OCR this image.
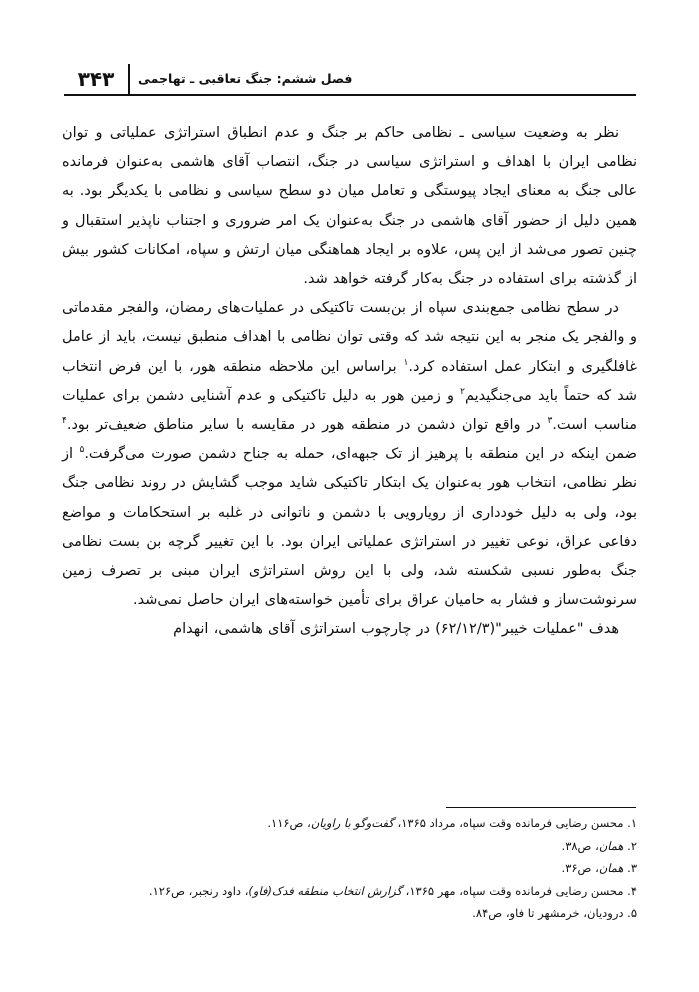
۳۴۳	فصل ششم: جنگ تعاقبی ـ تهاجمی

نظر به وضعیت سیاسی ـ نظامی حاکم بر جنگ و عدم انطباق استراتژی عملیاتی و توان نظامی ایران با اهداف و استراتژی سیاسی در جنگ، انتصاب آقای هاشمی به‌عنوان فرمانده عالی جنگ به معنای ایجاد پیوستگی و تعامل میان دو سطح سیاسی و نظامی با یکدیگر بود. به همین دلیل از حضور آقای هاشمی در جنگ به‌عنوان یک امر ضروری و اجتناب ناپذیر استقبال و چنین تصور می‌شد از این پس، علاوه بر ایجاد هماهنگی میان ارتش و سپاه، امکانات کشور بیش از گذشته برای استفاده در جنگ به‌کار گرفته خواهد شد.

در سطح نظامی جمع‌بندی سپاه از بن‌بست تاکتیکی در عملیات‌های رمضان، والفجر مقدماتی و والفجر یک منجر به این نتیجه شد که وقتی توان نظامی با اهداف منطبق نیست، باید از عامل غافلگیری و ابتکار عمل استفاده کرد.$^۱$ براساس این ملاحظه منطقه هور، با این فرض انتخاب شد که حتماً باید می‌جنگیدیم$^۲$ و زمین هور به دلیل تاکتیکی و عدم آشنایی دشمن برای عملیات مناسب است.$^۳$ در واقع توان دشمن در منطقه هور در مقایسه با سایر مناطق ضعیف‌تر بود.$^۴$ ضمن اینکه در این منطقه با پرهیز از تک جبهه‌ای، حمله به جناح دشمن صورت می‌گرفت.$^۵$ از نظر نظامی، انتخاب هور به‌عنوان یک ابتکار تاکتیکی شاید موجب گشایش در روند نظامی جنگ بود، ولی به دلیل خودداری از رویارویی با دشمن و ناتوانی در غلبه بر استحکامات و مواضع دفاعی عراق، نوعی تغییر در استراتژی عملیاتی ایران بود. با این تغییر گرچه بن بست نظامی جنگ به‌طور نسبی شکسته شد، ولی با این روش استراتژی ایران مبنی بر تصرف زمین سرنوشت‌ساز و فشار به حامیان عراق برای تأمین خواسته‌های ایران حاصل نمی‌شد.

هدف "عملیات خیبر"(۶۲/۱۲/۳) در چارچوب استراتژی آقای هاشمی، انهدام

۱. محسن رضایی فرمانده وقت سپاه، مرداد ۱۳۶۵، گفت‌وگو با راویان، ص۱۱۶.

۲. همان، ص۳۸.

۳. همان، ص۳۶.

۴. محسن رضایی فرمانده وقت سپاه، مهر ۱۳۶۵، گزارش انتخاب منطقه فدک(فاو)، داود رنجبر، ص۱۲۶.

۵. درودیان، خرمشهر تا فاو، ص۸۴.
